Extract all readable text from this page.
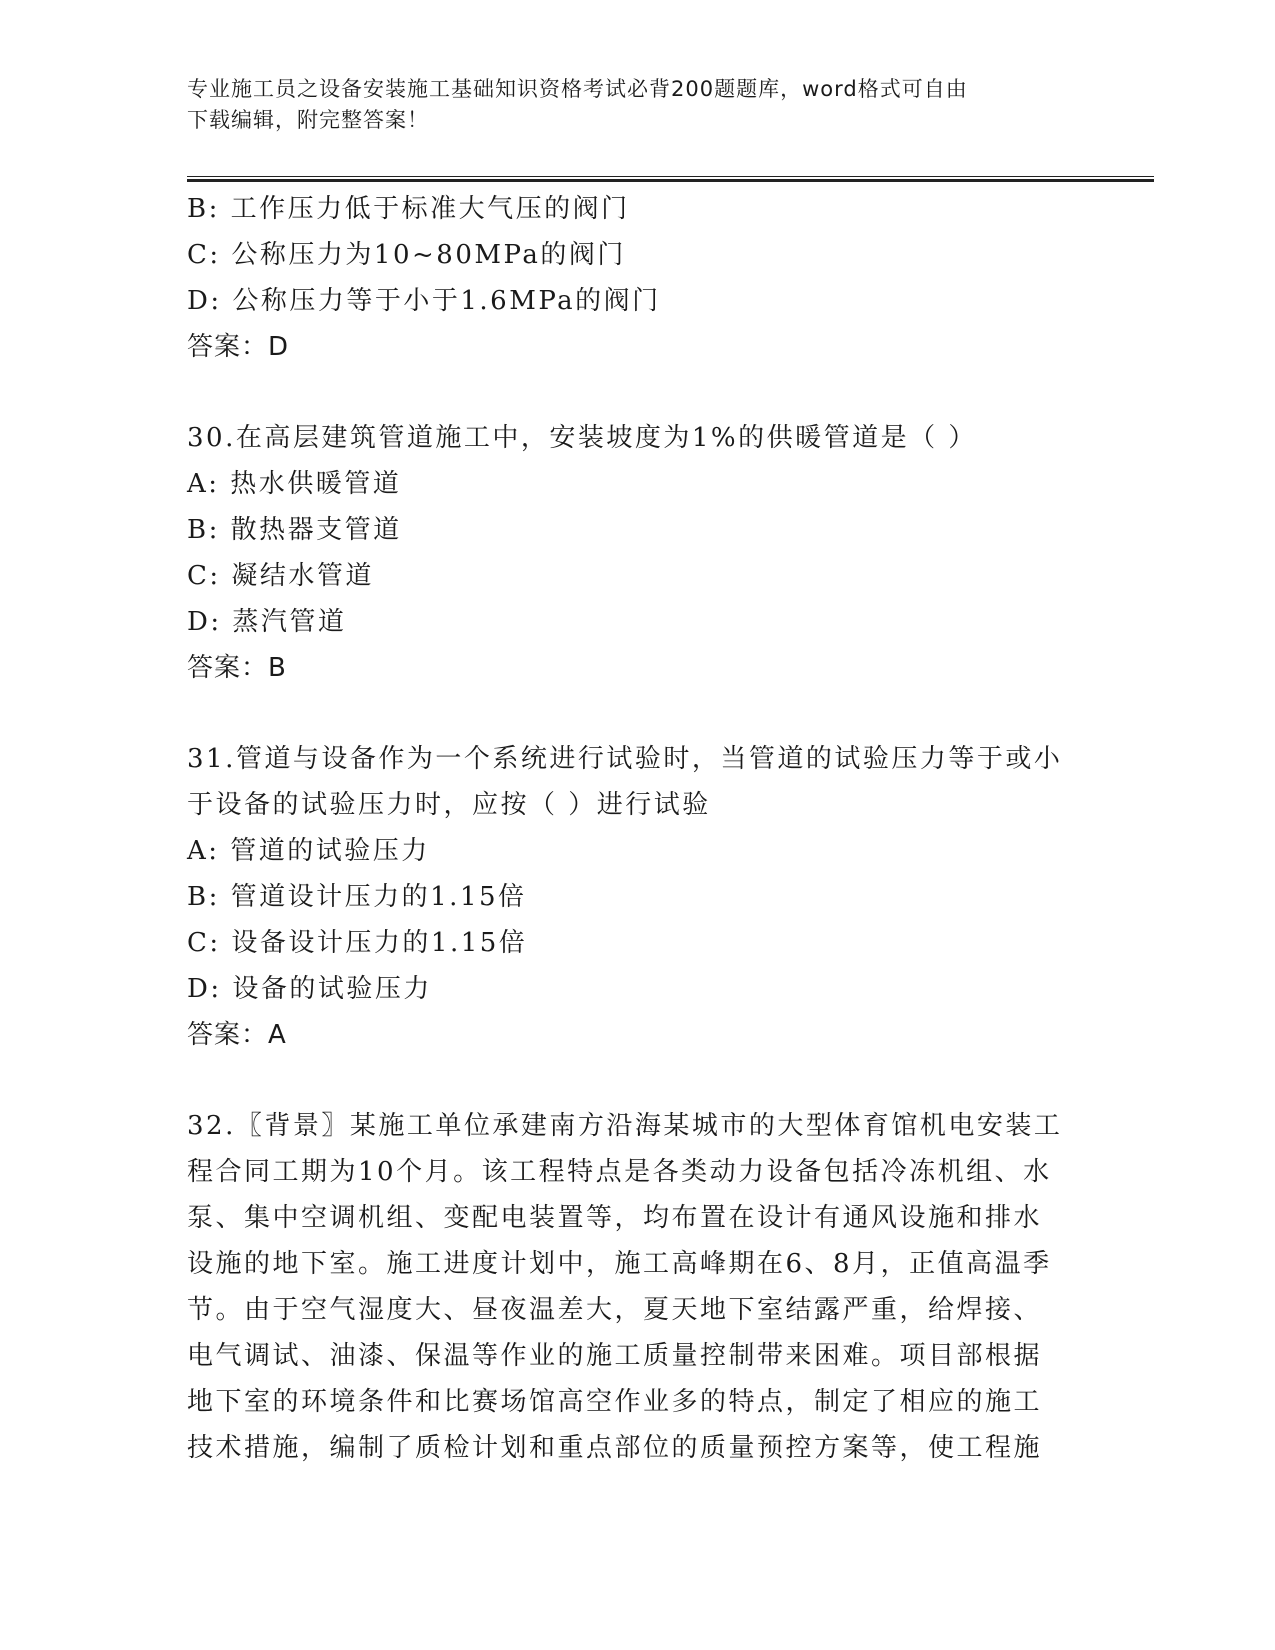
专业施工员之设备安装施工基础知识资格考试必背200题题库，word格式可自由
下载编辑，附完整答案！
B: 工作压力低于标准大气压的阀门
C: 公称压力为10~80MPa的阀门
D: 公称压力等于小于1.6MPa的阀门
答案：D
30.在高层建筑管道施工中，安装坡度为1%的供暖管道是（ ）
A: 热水供暖管道
B: 散热器支管道
C: 凝结水管道
D: 蒸汽管道
答案：B
31.管道与设备作为一个系统进行试验时，当管道的试验压力等于或小
于设备的试验压力时，应按（ ）进行试验
A: 管道的试验压力
B: 管道设计压力的1.15倍
C: 设备设计压力的1.15倍
D: 设备的试验压力
答案：A
32.〖背景〗某施工单位承建南方沿海某城市的大型体育馆机电安装工
程合同工期为10个月。该工程特点是各类动力设备包括冷冻机组、水
泵、集中空调机组、变配电装置等，均布置在设计有通风设施和排水
设施的地下室。施工进度计划中，施工高峰期在6、8月，正值高温季
节。由于空气湿度大、昼夜温差大，夏天地下室结露严重，给焊接、
电气调试、油漆、保温等作业的施工质量控制带来困难。项目部根据
地下室的环境条件和比赛场馆高空作业多的特点，制定了相应的施工
技术措施，编制了质检计划和重点部位的质量预控方案等，使工程施
